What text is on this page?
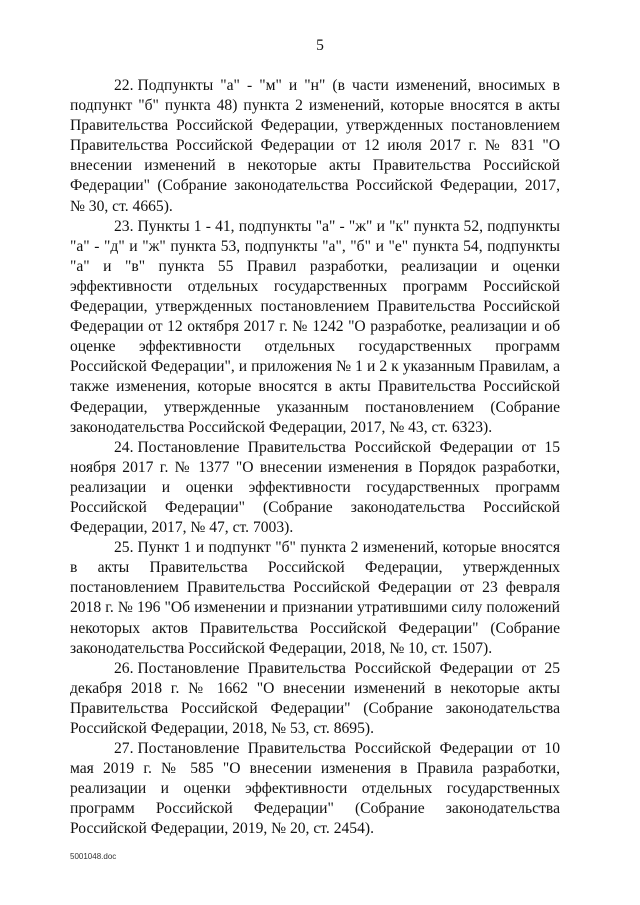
5

22. Подпункты "а" - "м" и "н" (в части изменений, вносимых в подпункт "б" пункта 48) пункта 2 изменений, которые вносятся в акты Правительства Российской Федерации, утвержденных постановлением Правительства Российской Федерации от 12 июля 2017 г. № 831 "О внесении изменений в некоторые акты Правительства Российской Федерации" (Собрание законодательства Российской Федерации, 2017, № 30, ст. 4665).

23. Пункты 1 - 41, подпункты "а" - "ж" и "к" пункта 52, подпункты "а" - "д" и "ж" пункта 53, подпункты "а", "б" и "е" пункта 54, подпункты "а" и "в" пункта 55 Правил разработки, реализации и оценки эффективности отдельных государственных программ Российской Федерации, утвержденных постановлением Правительства Российской Федерации от 12 октября 2017 г. № 1242 "О разработке, реализации и об оценке эффективности отдельных государственных программ Российской Федерации", и приложения № 1 и 2 к указанным Правилам, а также изменения, которые вносятся в акты Правительства Российской Федерации, утвержденные указанным постановлением (Собрание законодательства Российской Федерации, 2017, № 43, ст. 6323).

24. Постановление Правительства Российской Федерации от 15 ноября 2017 г. № 1377 "О внесении изменения в Порядок разработки, реализации и оценки эффективности государственных программ Российской Федерации" (Собрание законодательства Российской Федерации, 2017, № 47, ст. 7003).

25. Пункт 1 и подпункт "б" пункта 2 изменений, которые вносятся в акты Правительства Российской Федерации, утвержденных постановлением Правительства Российской Федерации от 23 февраля 2018 г. № 196 "Об изменении и признании утратившими силу положений некоторых актов Правительства Российской Федерации" (Собрание законодательства Российской Федерации, 2018, № 10, ст. 1507).

26. Постановление Правительства Российской Федерации от 25 декабря 2018 г. № 1662 "О внесении изменений в некоторые акты Правительства Российской Федерации" (Собрание законодательства Российской Федерации, 2018, № 53, ст. 8695).

27. Постановление Правительства Российской Федерации от 10 мая 2019 г. № 585 "О внесении изменения в Правила разработки, реализации и оценки эффективности отдельных государственных программ Российской Федерации" (Собрание законодательства Российской Федерации, 2019, № 20, ст. 2454).

5001048.doc
